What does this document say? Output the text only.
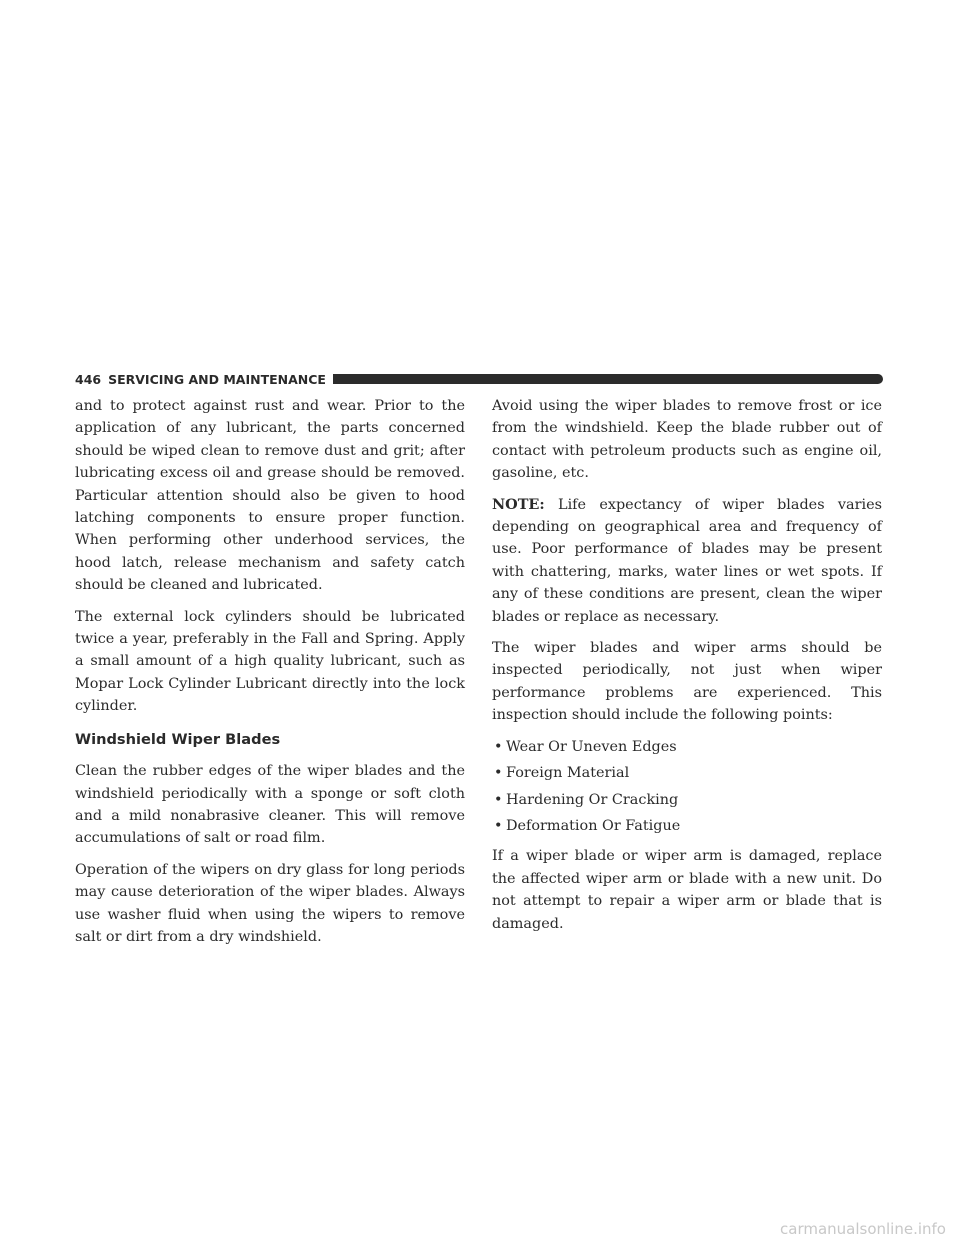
446 SERVICING AND MAINTENANCE

and to protect against rust and wear. Prior to the application of any lubricant, the parts concerned should be wiped clean to remove dust and grit; after lubricating excess oil and grease should be removed. Particular attention should also be given to hood latching components to ensure proper function. When performing other underhood services, the hood latch, release mechanism and safety catch should be cleaned and lubricated.

The external lock cylinders should be lubricated twice a year, preferably in the Fall and Spring. Apply a small amount of a high quality lubricant, such as Mopar Lock Cylinder Lubricant directly into the lock cylinder.

Windshield Wiper Blades

Clean the rubber edges of the wiper blades and the windshield periodically with a sponge or soft cloth and a mild nonabrasive cleaner. This will remove accumulations of salt or road film.

Operation of the wipers on dry glass for long periods may cause deterioration of the wiper blades. Always use washer fluid when using the wipers to remove salt or dirt from a dry windshield.

Avoid using the wiper blades to remove frost or ice from the windshield. Keep the blade rubber out of contact with petroleum products such as engine oil, gasoline, etc.

NOTE: Life expectancy of wiper blades varies depending on geographical area and frequency of use. Poor performance of blades may be present with chattering, marks, water lines or wet spots. If any of these conditions are present, clean the wiper blades or replace as necessary.

The wiper blades and wiper arms should be inspected periodically, not just when wiper performance problems are experienced. This inspection should include the following points:

• Wear Or Uneven Edges
• Foreign Material
• Hardening Or Cracking
• Deformation Or Fatigue

If a wiper blade or wiper arm is damaged, replace the affected wiper arm or blade with a new unit. Do not attempt to repair a wiper arm or blade that is damaged.

carmanualsonline.info
